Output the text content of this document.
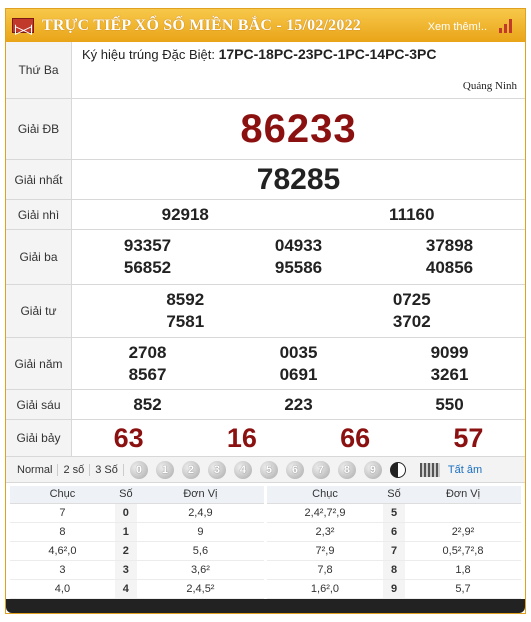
TRỰC TIẾP XỔ SỐ MIỀN BẮC - 15/02/2022	Xem thêm!..
Thứ Ba
Ký hiệu trúng Đặc Biệt: 17PC-18PC-23PC-1PC-14PC-3PC
Quảng Ninh
Giải ĐB	86233
Giải nhất	78285
Giải nhì	92918	11160
Giải ba
93357	04933	37898
56852	95586	40856
Giải tư
8592	0725
7581	3702
Giải năm
2708	0035	9099
8567	0691	3261
Giải sáu	852	223	550
Giải bảy	63	16	66	57
Normal	2 số	3 Số	0	1	2	3	4	5	6	7	8	9	Tất âm
Chục	Số	Đơn Vị
7	0	2,4,9
8	1	9
4,6²,0	2	5,6
3	3	3,6²
4,0	4	2,4,5²
Chục	Số	Đơn Vị
2,4²,7²,9	5	
2,3²	6	2²,9²
7²,9	7	0,5²,7²,8
7,8	8	1,8
1,6²,0	9	5,7
